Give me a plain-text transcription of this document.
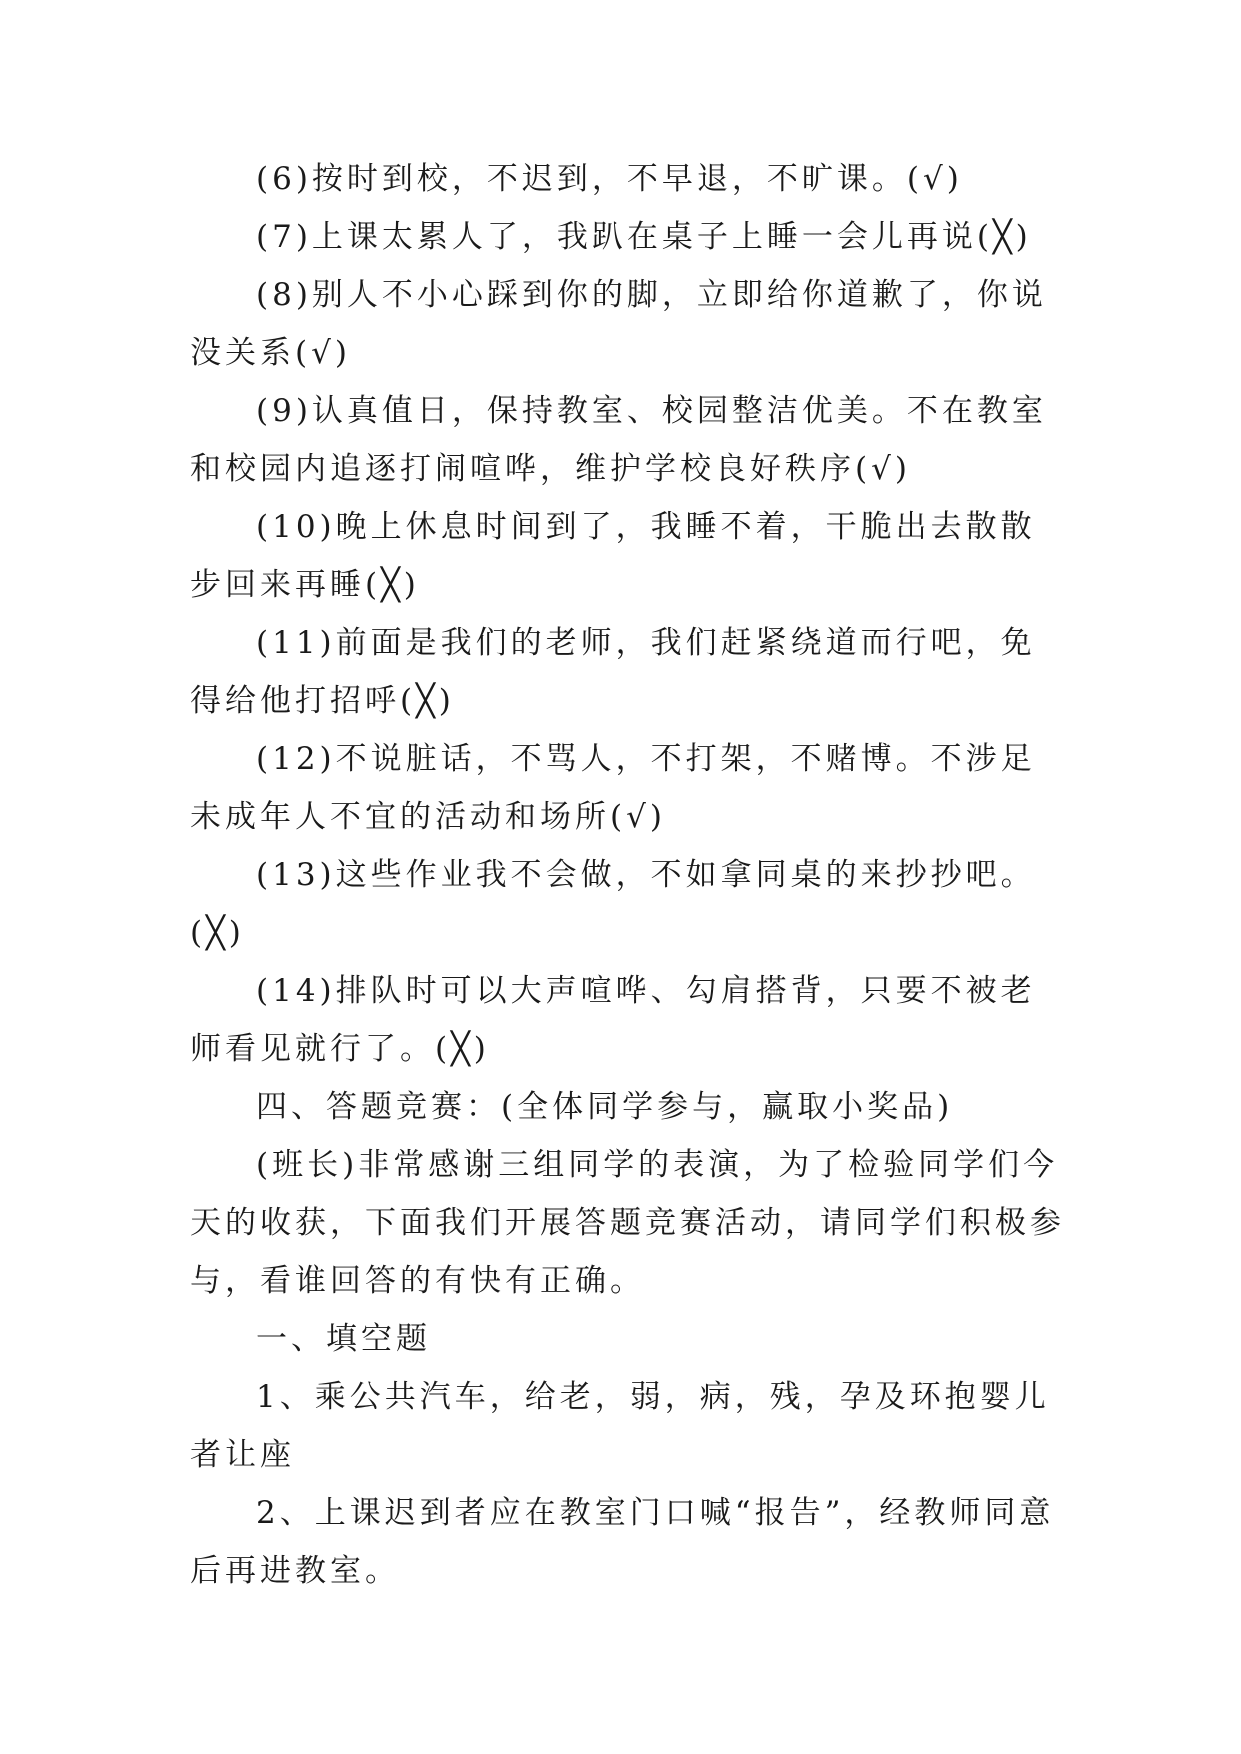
(6)按时到校，不迟到，不早退，不旷课。(√)

(7)上课太累人了，我趴在桌子上睡一会儿再说(╳)

(8)别人不小心踩到你的脚，立即给你道歉了，你说没关系(√)

(9)认真值日，保持教室、校园整洁优美。不在教室和校园内追逐打闹喧哗，维护学校良好秩序(√)

(10)晚上休息时间到了，我睡不着，干脆出去散散步回来再睡(╳)

(11)前面是我们的老师，我们赶紧绕道而行吧，免得给他打招呼(╳)

(12)不说脏话，不骂人，不打架，不赌博。不涉足未成年人不宜的活动和场所(√)

(13)这些作业我不会做，不如拿同桌的来抄抄吧。(╳)

(14)排队时可以大声喧哗、勾肩搭背，只要不被老师看见就行了。(╳)

四、答题竞赛：(全体同学参与，赢取小奖品)

(班长)非常感谢三组同学的表演，为了检验同学们今天的收获，下面我们开展答题竞赛活动，请同学们积极参与，看谁回答的有快有正确。

一、填空题

1、乘公共汽车，给老，弱，病，残，孕及环抱婴儿者让座

2、上课迟到者应在教室门口喊“报告”，经教师同意后再进教室。
